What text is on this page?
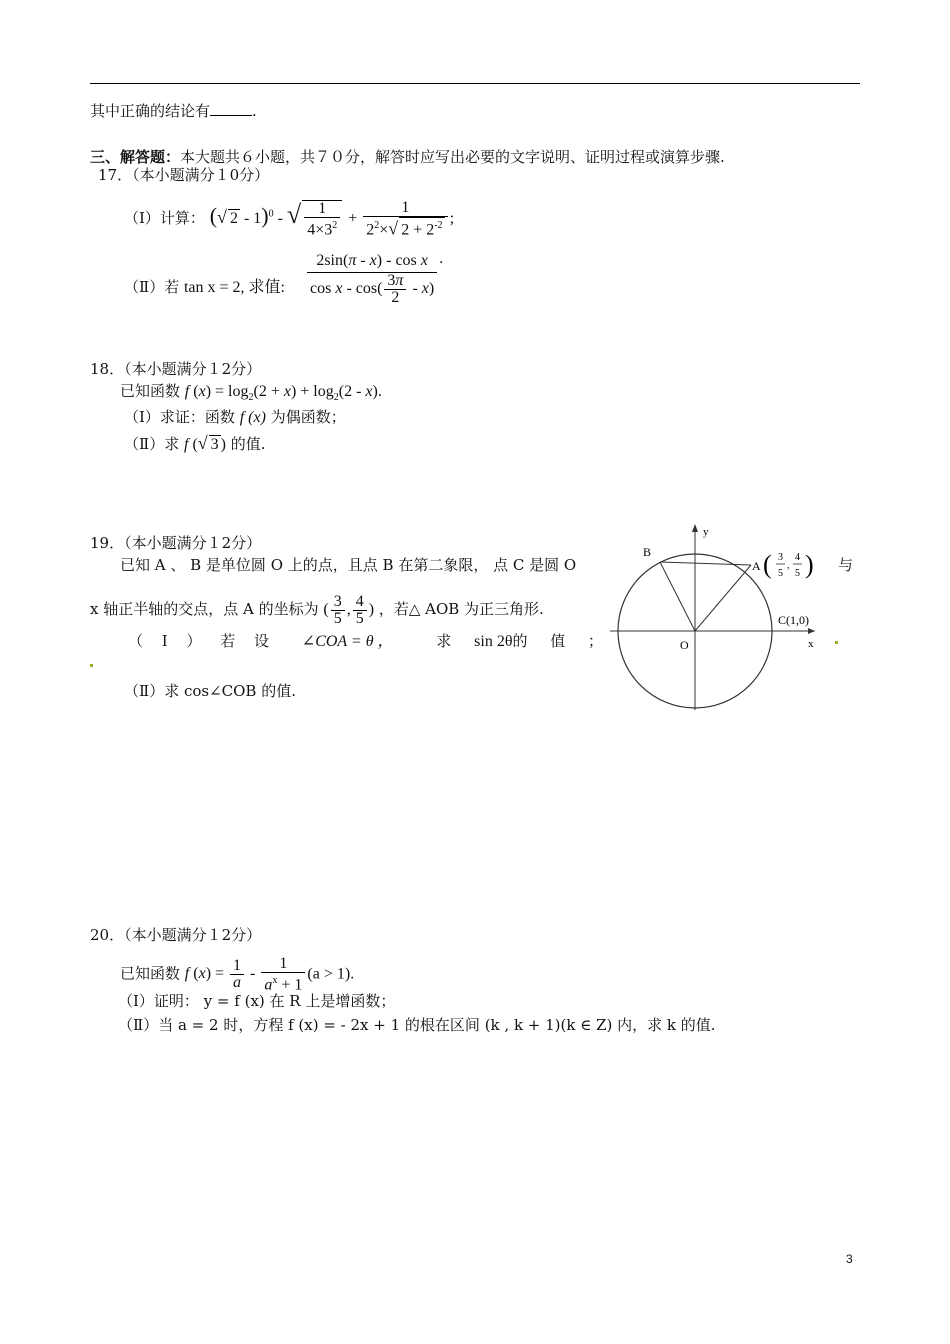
其中正确的结论有	.
三、解答题：本大题共６小题，共７０分，解答时应写出必要的文字说明、证明过程或演算步骤.
17．（本小题满分１0分）
（Ⅰ）计算： (√ 2 - 1)$^0$ - √ $\frac{1}{4\times 3^2} + \frac{1}{2^2\times√ 2 + 2^{-2}}$ ;
（Ⅱ）若 tan x = 2, 求值: $\frac{\text{2sin(π - x) - cos x}}{\cos x - \cos( \frac{3\pi}{2} - x)}$ .
18．（本小题满分１2分）
已知函数 f $(x) = \log_2(2 + x) + \log_2(2 - x)$.
（Ⅰ）求证：函数 f (x) 为偶函数；
（Ⅱ）求 f (√ 3 ) 的值.
19．（本小题满分１2分）
已知 A 、 B 是单位圆 O 上的点，且点 B 在第二象限， 点 C 是圆 O	与
x 轴正半轴的交点，点 A 的坐标为 ( $\frac{3}{5}$ , $\frac{4}{5}$ ) ，若△ AOB 为正三角形.
（ Ⅰ ） 若 设 ∠COA = θ ，	求 sin 2θ的 值 ；
（Ⅱ）求 cos∠COB 的值.
B
A ( 3
5
,
4
5 )
O
C(1,0)
x
y
20．（本小题满分１2分）
已知函数 f $(x) = \frac{1}{a} - \frac{1}{a^x + 1} (a > 1)$.
（Ⅰ）证明： y = f (x) 在 R 上是增函数；
（Ⅱ）当 a = 2 时，方程 f (x) = - 2x + 1 的根在区间 (k , k + 1)(k ∈ Z) 内，求 k 的值.
3
